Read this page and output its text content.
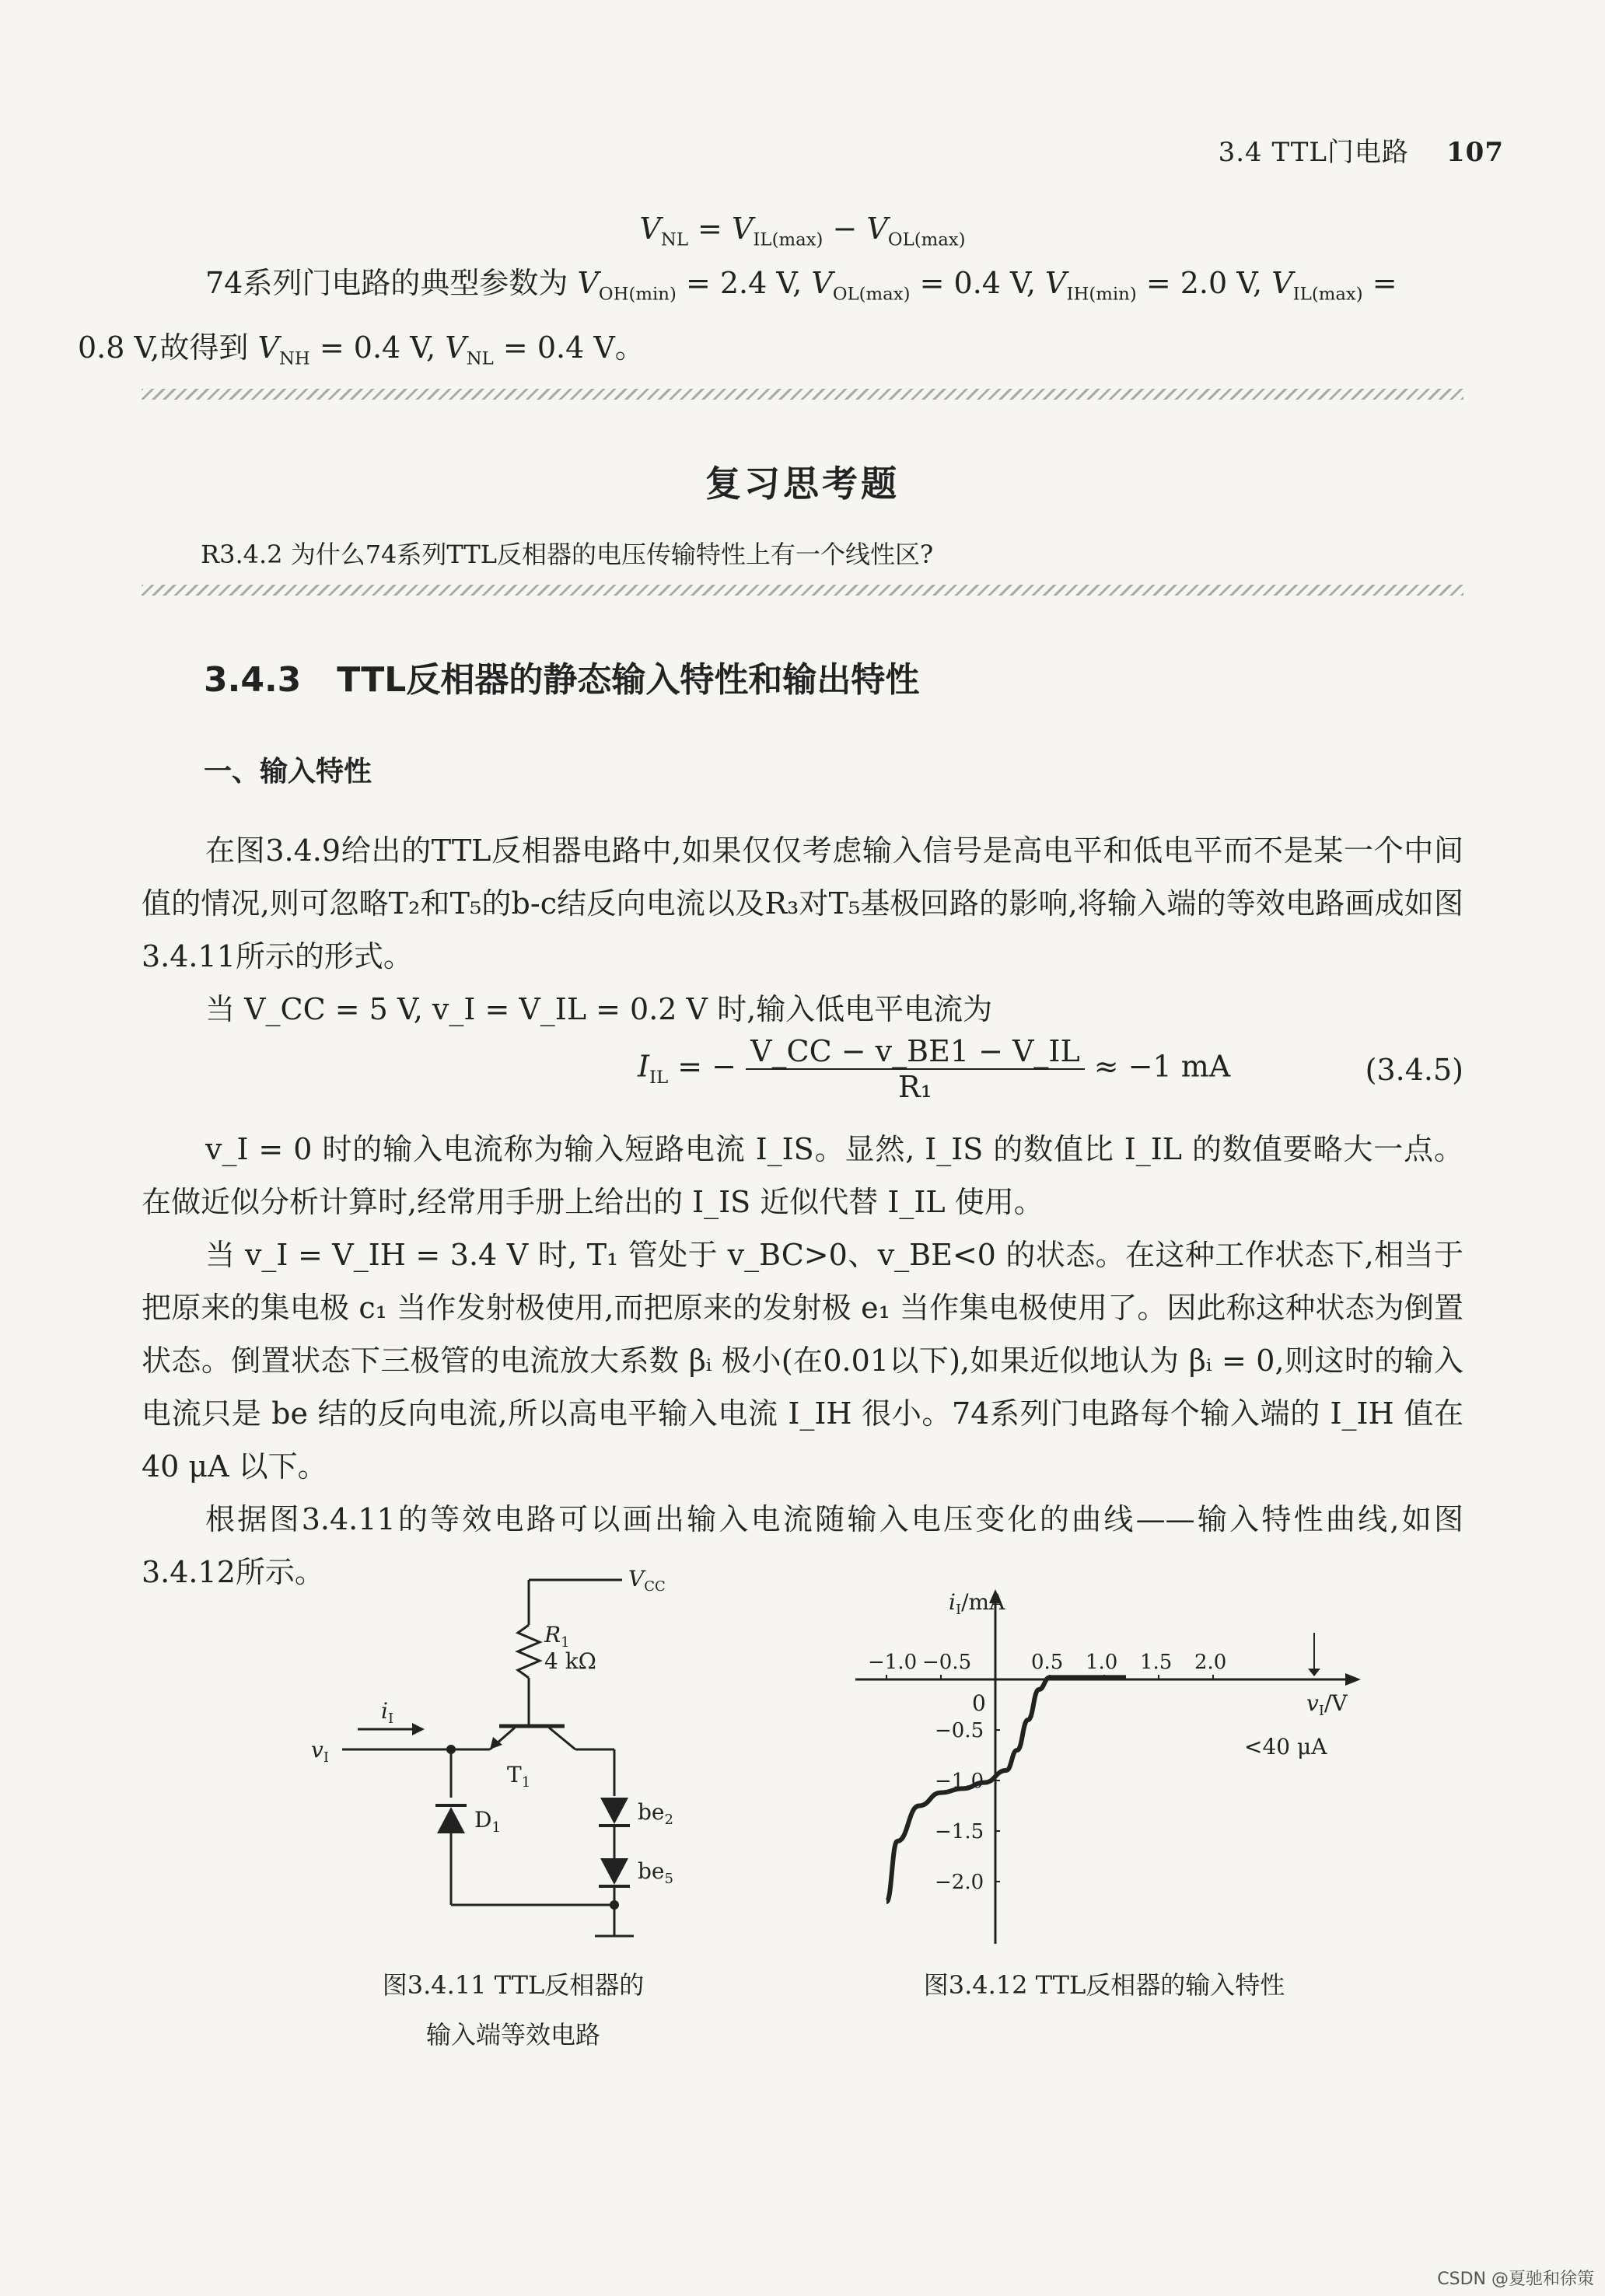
3.4 TTL门电路 107
$V_{NL} = V_{IL(max)} - V_{OL(max)}$
74系列门电路的典型参数为 $V_{OH(min)} = 2.4$ V, $V_{OL(max)} = 0.4$ V, $V_{IH(min)} = 2.0$ V, $V_{IL(max)}$ =
0.8 V,故得到 $V_{NH} = 0.4$ V, $V_{NL} = 0.4$ V。
复习思考题
R3.4.2 为什么74系列TTL反相器的电压传输特性上有一个线性区?
3.4.3 TTL反相器的静态输入特性和输出特性
一、输入特性
在图3.4.9给出的TTL反相器电路中,如果仅仅考虑输入信号是高电平和低电平而不是某一个中间值的情况,则可忽略T₂和T₅的b-c结反向电流以及R₃对T₅基极回路的影响,将输入端的等效电路画成如图3.4.11所示的形式。
当 V_CC = 5 V, v_I = V_IL = 0.2 V 时,输入低电平电流为
$I_{IL}$ = − $\frac{V\_CC - v\_BE1 - V\_IL}{\text{R₁}} \approx -1$ mA	(3.4.5)
v_I = 0 时的输入电流称为输入短路电流 I_IS。显然, I_IS 的数值比 I_IL 的数值要略大一点。在做近似分析计算时,经常用手册上给出的 I_IS 近似代替 I_IL 使用。
当 v_I = V_IH = 3.4 V 时, T₁ 管处于 v_BC>0、v_BE<0 的状态。在这种工作状态下,相当于把原来的集电极 c₁ 当作发射极使用,而把原来的发射极 e₁ 当作集电极使用了。因此称这种状态为倒置状态。倒置状态下三极管的电流放大系数 βᵢ 极小(在0.01以下),如果近似地认为 βᵢ = 0,则这时的输入电流只是 be 结的反向电流,所以高电平输入电流 I_IH 很小。74系列门电路每个输入端的 I_IH 值在 40 μA 以下。
根据图3.4.11的等效电路可以画出输入电流随输入电压变化的曲线——输入特性曲线,如图3.4.12所示。	$V_{CC}$
$R_1$
4 kΩ
$i_I$
$v_I$
$T_1$
$D_1$
$be_2$
$be_5$
图3.4.11 TTL反相器的
输入端等效电路
−1.0 −0.5	0.5 1.0 1.5 2.0
−0.5
−1.0
−1.5
−2.0
$i_I/mA$
$v_I/V$
<40 μA
0
图3.4.12 TTL反相器的输入特性
CSDN @夏驰和徐策
